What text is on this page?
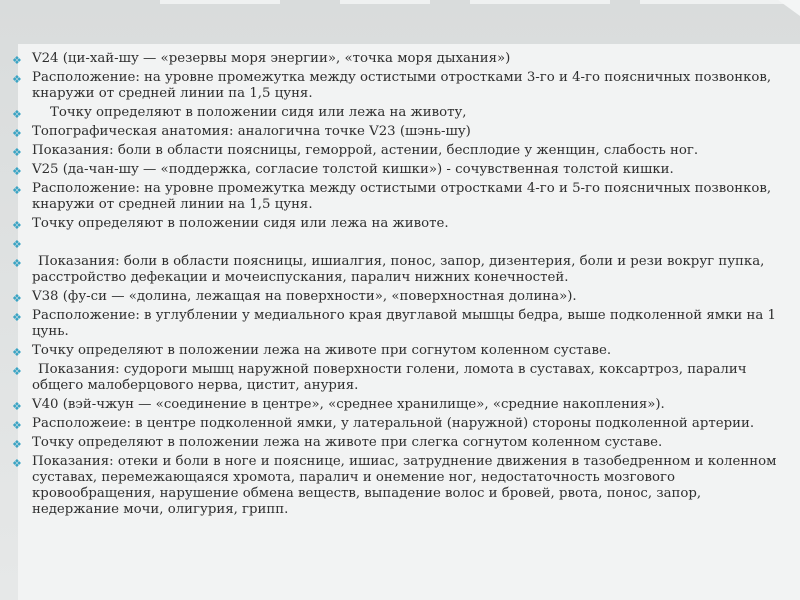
❖ V24 (ци-хай-шу — «резервы моря энергии», «точка моря дыхания»)
❖ Расположение: на уровне промежутка между остистыми отростками 3-го и 4-го поясничных позвонков, кнаружи от средней линии па 1,5 цуня.
❖ Точку определяют в положении сидя или лежа на животу,
❖ Топографическая анатомия: аналогична точке V23 (шэнь-шу)
❖ Показания: боли в области поясницы, геморрой, астении, бесплодие у женщин, слабость ног.
❖ V25 (да-чан-шу — «поддержка, согласие толстой кишки») - сочувственная толстой кишки.
❖ Расположение: на уровне промежутка между остистыми отростками 4-го и 5-го поясничных позвонков, кнаружи от средней линии на 1,5 цуня.
❖ Точку определяют в положении сидя или лежа на животе.
❖
❖ Показания: боли в области поясницы, ишиалгия, понос, запор, дизентерия, боли и рези вокруг пупка, расстройство дефекации и мочеиспускания, паралич нижних конечностей.
❖ V38 (фу-си — «долина, лежащая на поверхности», «поверхностная долина»).
❖ Расположение: в углублении у медиального края двуглавой мышцы бедра, выше подколенной ямки на 1 цунь.
❖ Точку определяют в положении лежа на животе при согнутом коленном суставе.
❖ Показания: судороги мышц наружной поверхности голени, ломота в суставах, коксартроз, паралич общего малоберцового нерва, цистит, анурия.
❖ V40 (вэй-чжун — «соединение в центре», «среднее хранилище», «средние накопления»).
❖ Расположеие: в центре подколенной ямки, у латеральной (наружной) стороны подколенной артерии.
❖ Точку определяют в положении лежа на животе при слегка согнутом коленном суставе.
❖ Показания: отеки и боли в ноге и пояснице, ишиас, затруднение движения в тазобедренном и коленном суставах, перемежающаяся хромота, паралич и онемение ног, недостаточность мозгового кровообращения, нарушение обмена веществ, выпадение волос и бровей, рвота, понос, запор, недержание мочи, олигурия, грипп.
